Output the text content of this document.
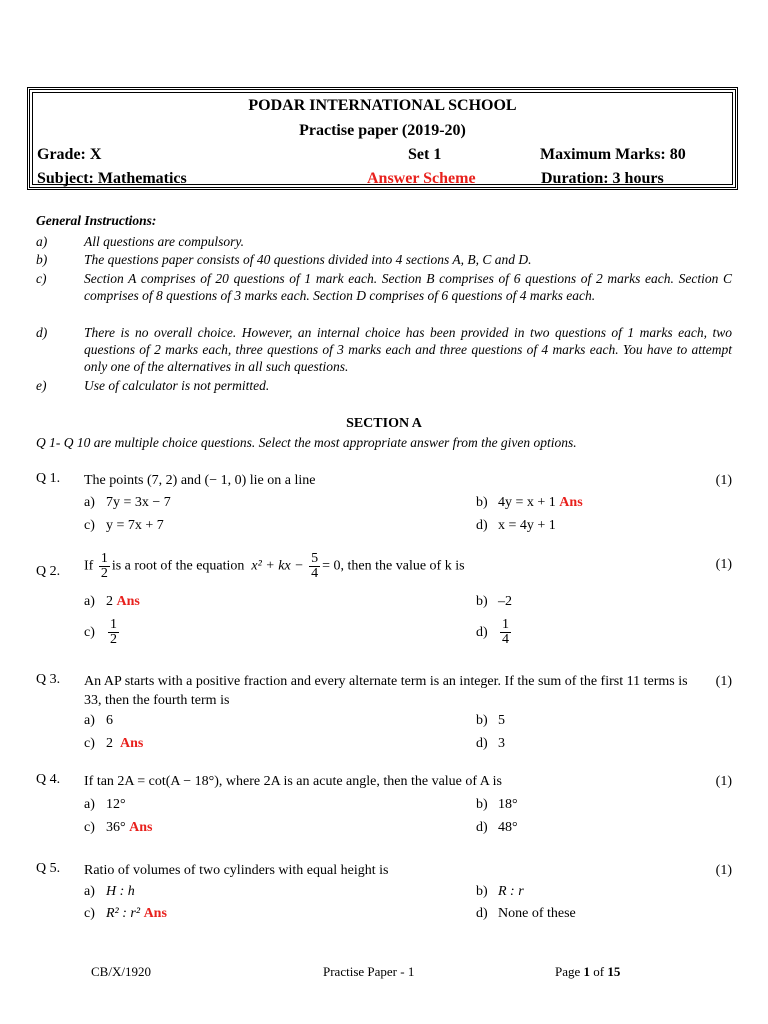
PODAR INTERNATIONAL SCHOOL
Practise paper (2019-20)
Grade: X	Set 1	Maximum Marks: 80
Subject: Mathematics	Answer Scheme	Duration: 3 hours
General Instructions:
a)	All questions are compulsory.
b)	The questions paper consists of 40 questions divided into 4 sections A, B, C and D.
c)	Section A comprises of 20 questions of 1 mark each. Section B comprises of 6 questions of 2 marks each. Section C comprises of 8 questions of 3 marks each. Section D comprises of 6 questions of 4 marks each.
d)	There is no overall choice. However, an internal choice has been provided in two questions of 1 marks each, two questions of 2 marks each, three questions of 3 marks each and three questions of 4 marks each. You have to attempt only one of the alternatives in all such questions.
e)	Use of calculator is not permitted.
SECTION A
Q 1- Q 10 are multiple choice questions. Select the most appropriate answer from the given options.
Q 1. The points (7, 2) and (− 1, 0) lie on a line	(1)
a) 7y = 3x − 7	b) 4y = x + 1 Ans
c) y = 7x + 7	d) x = 4y + 1
Q 2. If $\frac{1}{2}$ is a root of the equation x² + kx − $\frac{5}{4} = 0$, then the value of k is	(1)
a) 2 Ans	b) –2
$c) \frac{1}{2}$	$d) \frac{1}{4}$
Q 3. An AP starts with a positive fraction and every alternate term is an integer. If the sum of the first 11 terms is 33, then the fourth term is
(1)
a) 6	b) 5
c) 2 Ans	d) 3
Q 4. If tan 2A = cot(A − 18°), where 2A is an acute angle, then the value of A is	(1)
a) 12°	b) 18°
c) 36° Ans	d) 48°
Q 5. Ratio of volumes of two cylinders with equal height is	(1)
a) H : h	b) R : r
c) R² : r² Ans	d) None of these
CB/X/1920	Practise Paper - 1	Page 1 of 15
